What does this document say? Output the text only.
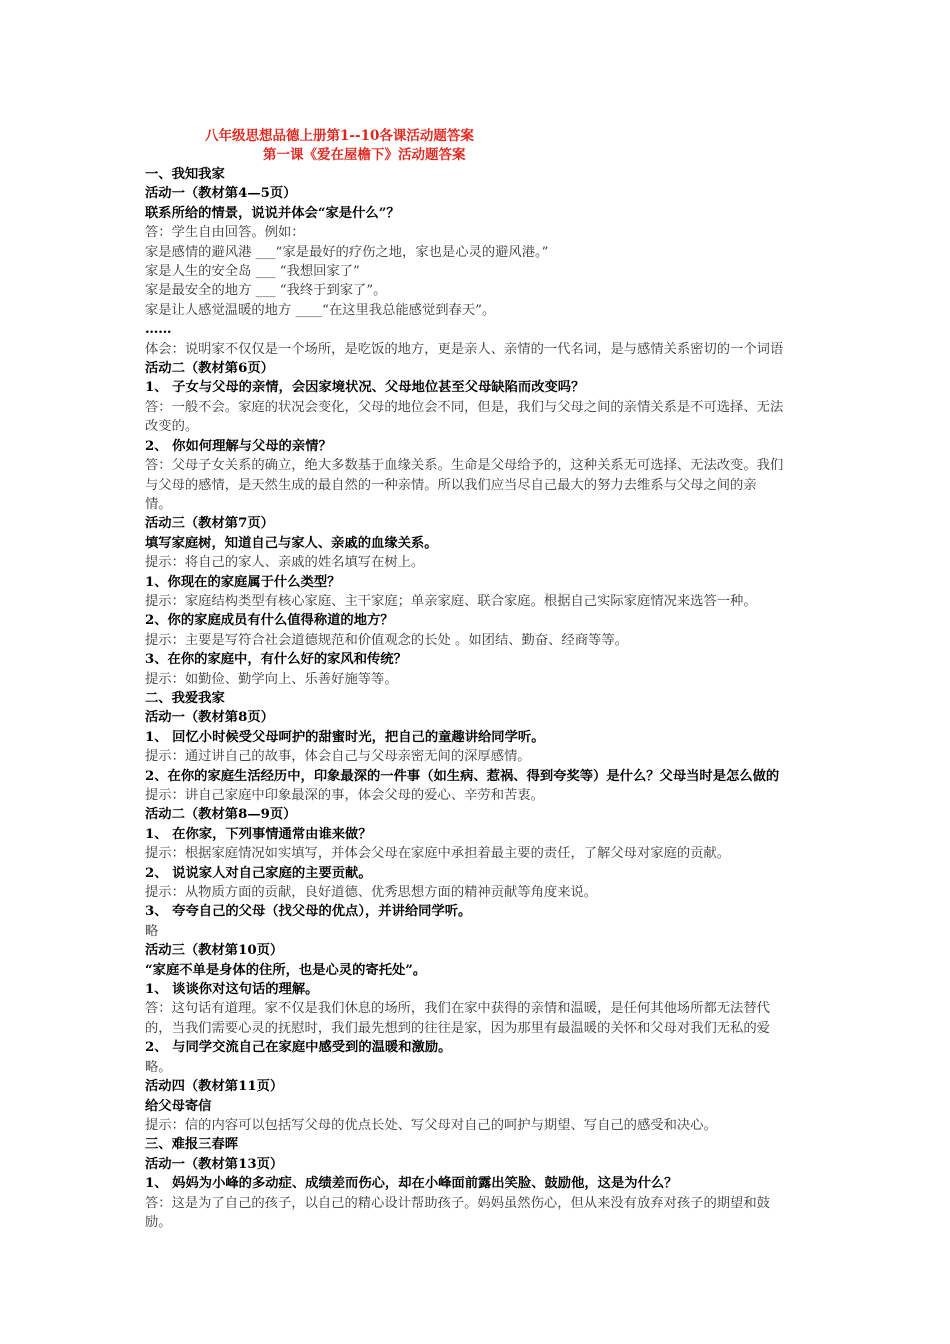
八年级思想品德上册第1--10各课活动题答案
第一课《爱在屋檐下》活动题答案
一、我知我家
活动一（教材第4—5页）
联系所给的情景，说说并体会“家是什么”？
答：学生自由回答。例如：
家是感情的避风港 ___“家是最好的疗伤之地，家也是心灵的避风港。”
家是人生的安全岛 ___ “我想回家了”
家是最安全的地方 ___ “我终于到家了”。
家是让人感觉温暖的地方 ____“在这里我总能感觉到春天”。
……
体会：说明家不仅仅是一个场所，是吃饭的地方，更是亲人、亲情的一代名词，是与感情关系密切的一个词语
活动二（教材第6页）
1、 子女与父母的亲情，会因家境状况、父母地位甚至父母缺陷而改变吗？
答：一般不会。家庭的状况会变化，父母的地位会不同，但是，我们与父母之间的亲情关系是不可选择、无法
改变的。
2、 你如何理解与父母的亲情？
答：父母子女关系的确立，绝大多数基于血缘关系。生命是父母给予的，这种关系无可选择、无法改变。我们
与父母的感情，是天然生成的最自然的一种亲情。所以我们应当尽自己最大的努力去维系与父母之间的亲
情。
活动三（教材第7页）
填写家庭树，知道自己与家人、亲戚的血缘关系。
提示：将自己的家人、亲戚的姓名填写在树上。
1、你现在的家庭属于什么类型？
提示：家庭结构类型有核心家庭、主干家庭；单亲家庭、联合家庭。根据自己实际家庭情况来选答一种。
2、你的家庭成员有什么值得称道的地方？
提示：主要是写符合社会道德规范和价值观念的长处 。如团结、勤奋、经商等等。
3、在你的家庭中，有什么好的家风和传统？
提示：如勤俭、勤学向上、乐善好施等等。
二、我爱我家
活动一（教材第8页）
1、 回忆小时候受父母呵护的甜蜜时光，把自己的童趣讲给同学听。
提示：通过讲自己的故事，体会自己与父母亲密无间的深厚感情。
2、在你的家庭生活经历中，印象最深的一件事（如生病、惹祸、得到夸奖等）是什么？父母当时是怎么做的
提示：讲自己家庭中印象最深的事，体会父母的爱心、辛劳和苦衷。
活动二（教材第8—9页）
1、 在你家，下列事情通常由谁来做？
提示：根据家庭情况如实填写，并体会父母在家庭中承担着最主要的责任，了解父母对家庭的贡献。
2、 说说家人对自己家庭的主要贡献。
提示：从物质方面的贡献，良好道德、优秀思想方面的精神贡献等角度来说。
3、 夸夸自己的父母（找父母的优点），并讲给同学听。
略
活动三（教材第10页）
“家庭不单是身体的住所，也是心灵的寄托处”。
1、 谈谈你对这句话的理解。
答：这句话有道理。家不仅是我们休息的场所，我们在家中获得的亲情和温暖，是任何其他场所都无法替代
的，当我们需要心灵的抚慰时，我们最先想到的往往是家，因为那里有最温暖的关怀和父母对我们无私的爱
2、 与同学交流自己在家庭中感受到的温暖和激励。
略。
活动四（教材第11页）
给父母寄信
提示：信的内容可以包括写父母的优点长处、写父母对自己的呵护与期望、写自己的感受和决心。
三、难报三春晖
活动一（教材第13页）
1、 妈妈为小峰的多动症、成绩差而伤心，却在小峰面前露出笑脸、鼓励他，这是为什么？
答：这是为了自己的孩子，以自己的精心设计帮助孩子。妈妈虽然伤心，但从来没有放弃对孩子的期望和鼓
励。
